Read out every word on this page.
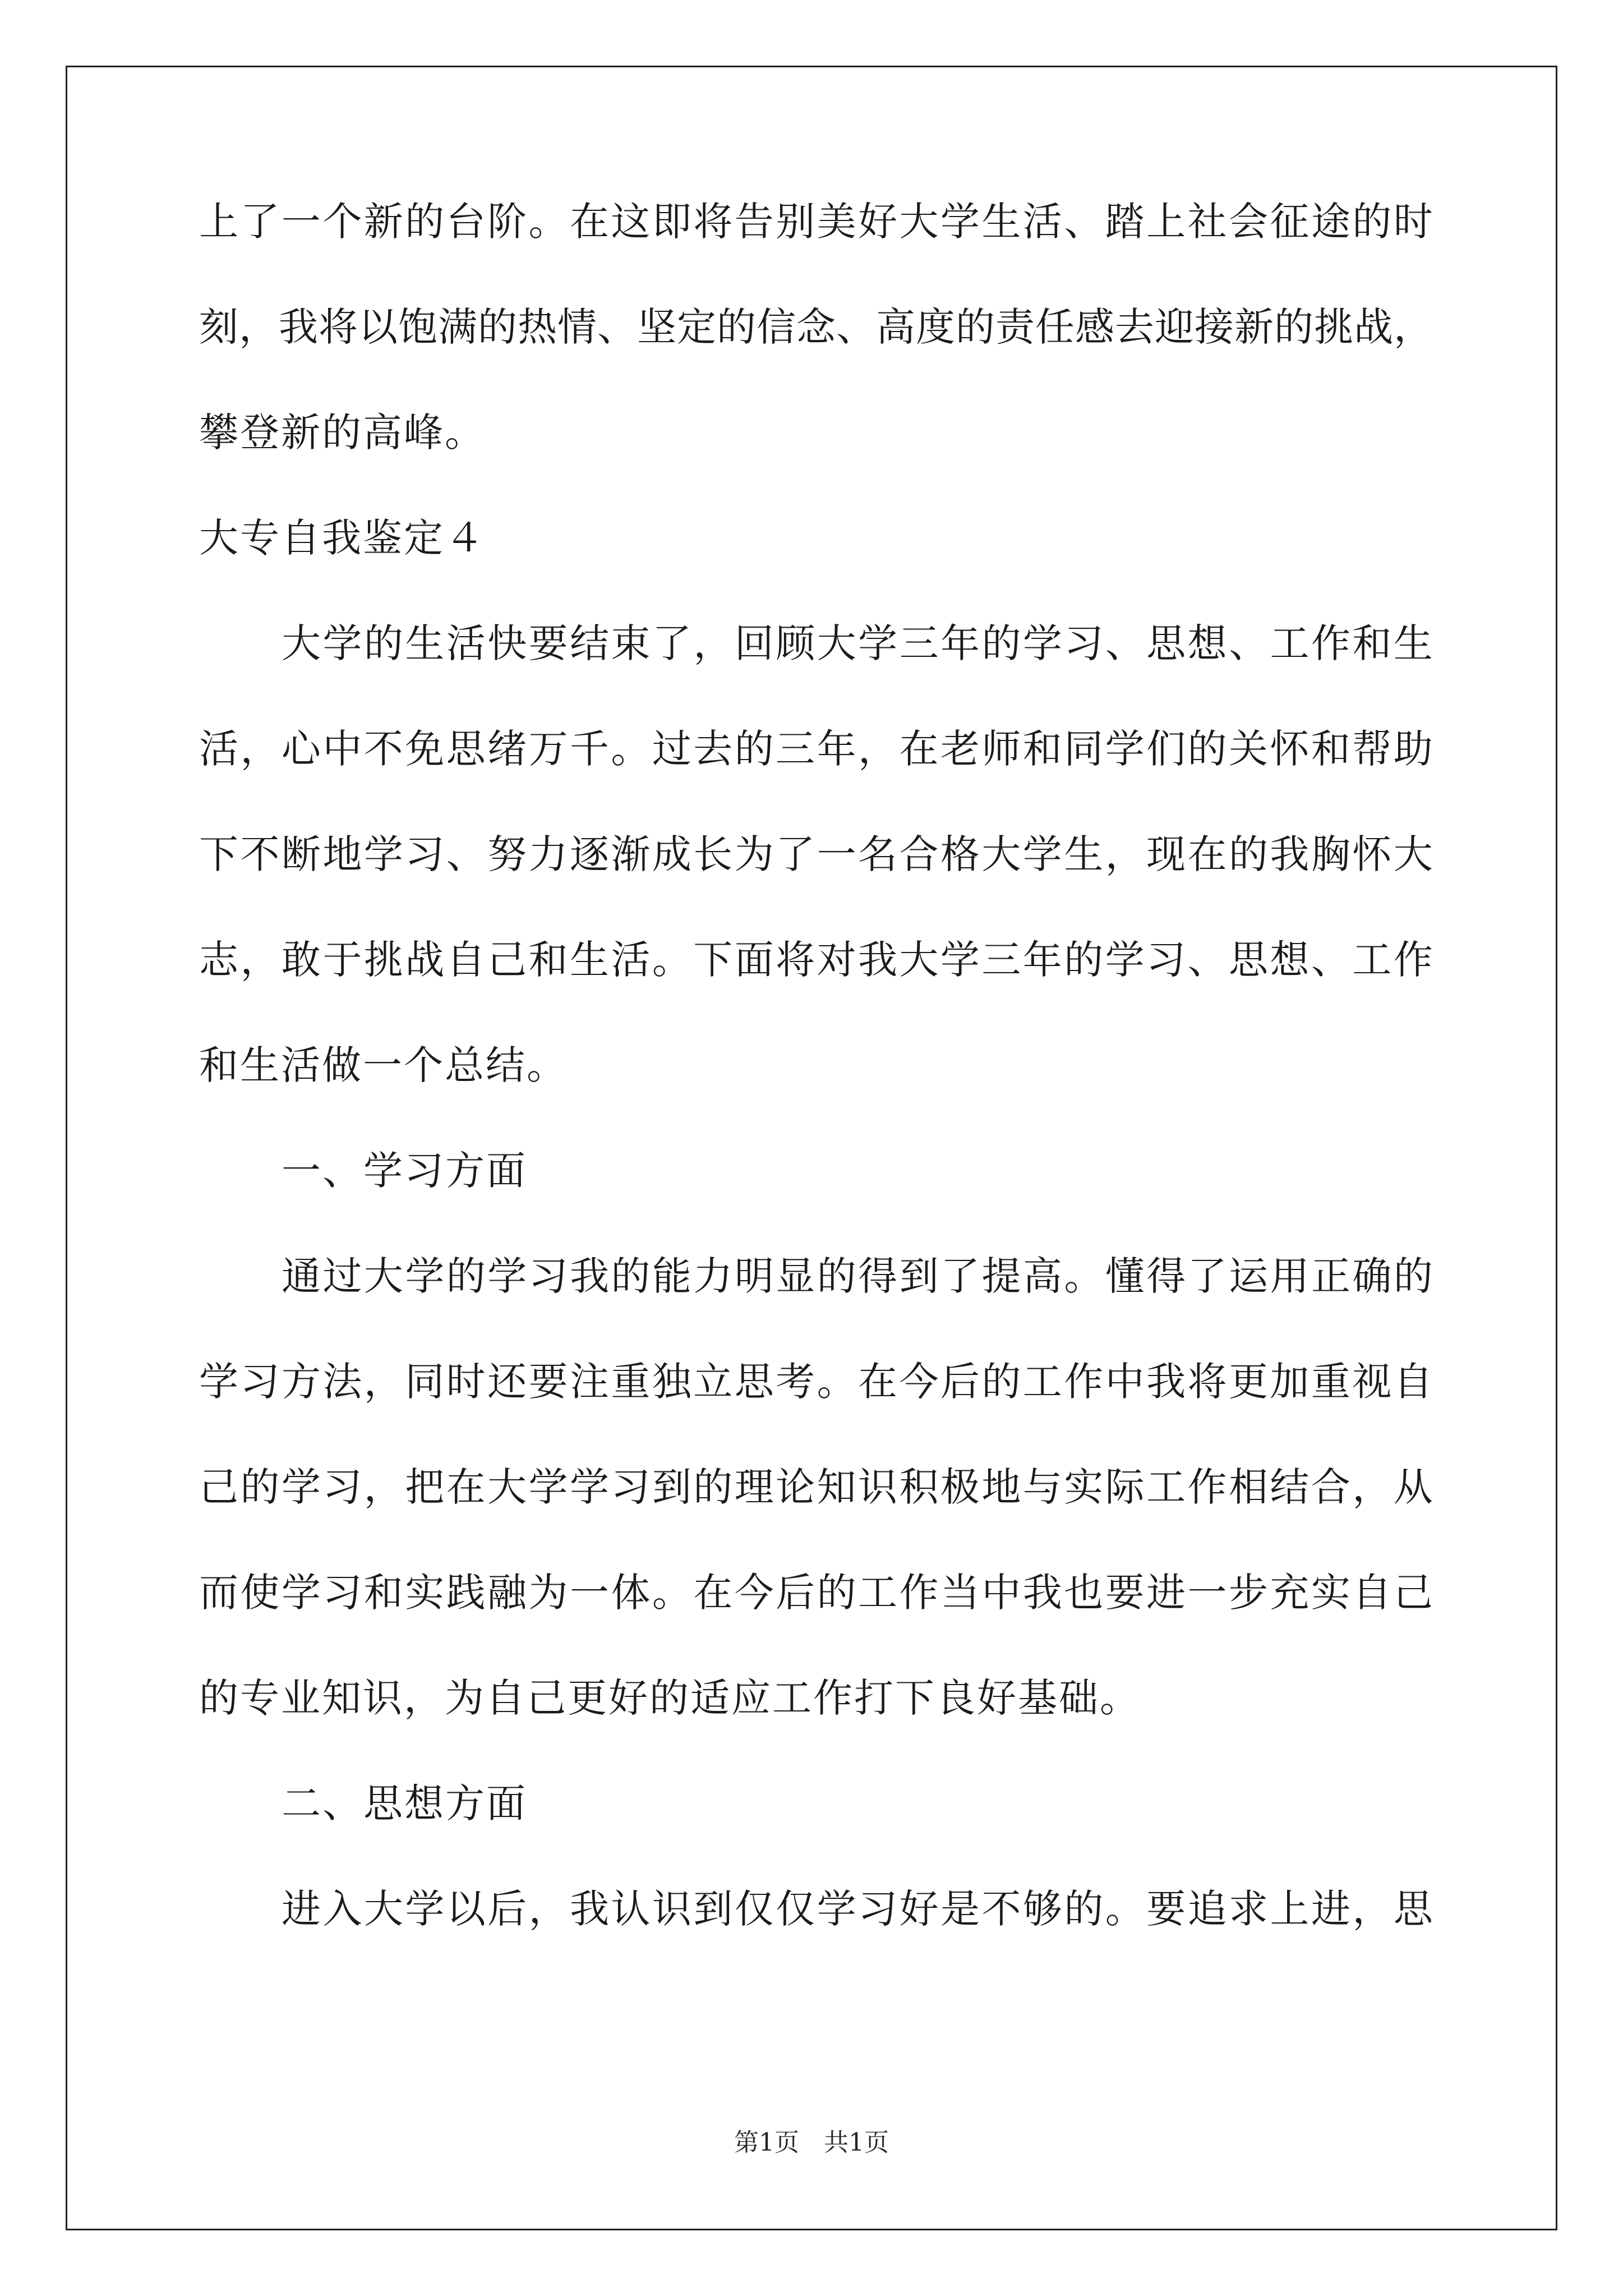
上 了 一 个 新 的 台 阶 。 在 这 即 将 告 别 美 好 大 学 生 活 、 踏 上 社 会 征 途 的 时
刻 ， 我 将 以 饱 满 的 热 情 、 坚 定 的 信 念 、 高 度 的 责 任 感 去 迎 接 新 的 挑 战 ，
攀登新的高峰。
大专自我鉴定４
大 学 的 生 活 快 要 结 束 了 ， 回 顾 大 学 三 年 的 学 习 、 思 想 、 工 作 和 生
活 ， 心 中 不 免 思 绪 万 千 。 过 去 的 三 年 ， 在 老 师 和 同 学 们 的 关 怀 和 帮 助
下 不 断 地 学 习 、 努 力 逐 渐 成 长 为 了 一 名 合 格 大 学 生 ， 现 在 的 我 胸 怀 大
志 ， 敢 于 挑 战 自 己 和 生 活 。 下 面 将 对 我 大 学 三 年 的 学 习 、 思 想 、 工 作
和生活做一个总结。
一、学习方面
通 过 大 学 的 学 习 我 的 能 力 明 显 的 得 到 了 提 高 。 懂 得 了 运 用 正 确 的
学 习 方 法 ， 同 时 还 要 注 重 独 立 思 考 。 在 今 后 的 工 作 中 我 将 更 加 重 视 自
己 的 学 习 ， 把 在 大 学 学 习 到 的 理 论 知 识 积 极 地 与 实 际 工 作 相 结 合 ， 从
而 使 学 习 和 实 践 融 为 一 体 。 在 今 后 的 工 作 当 中 我 也 要 进 一 步 充 实 自 己
的专业知识，为自己更好的适应工作打下良好基础。
二、思想方面
进 入 大 学 以 后 ， 我 认 识 到 仅 仅 学 习 好 是 不 够 的 。 要 追 求 上 进 ， 思
第1页　共1页
